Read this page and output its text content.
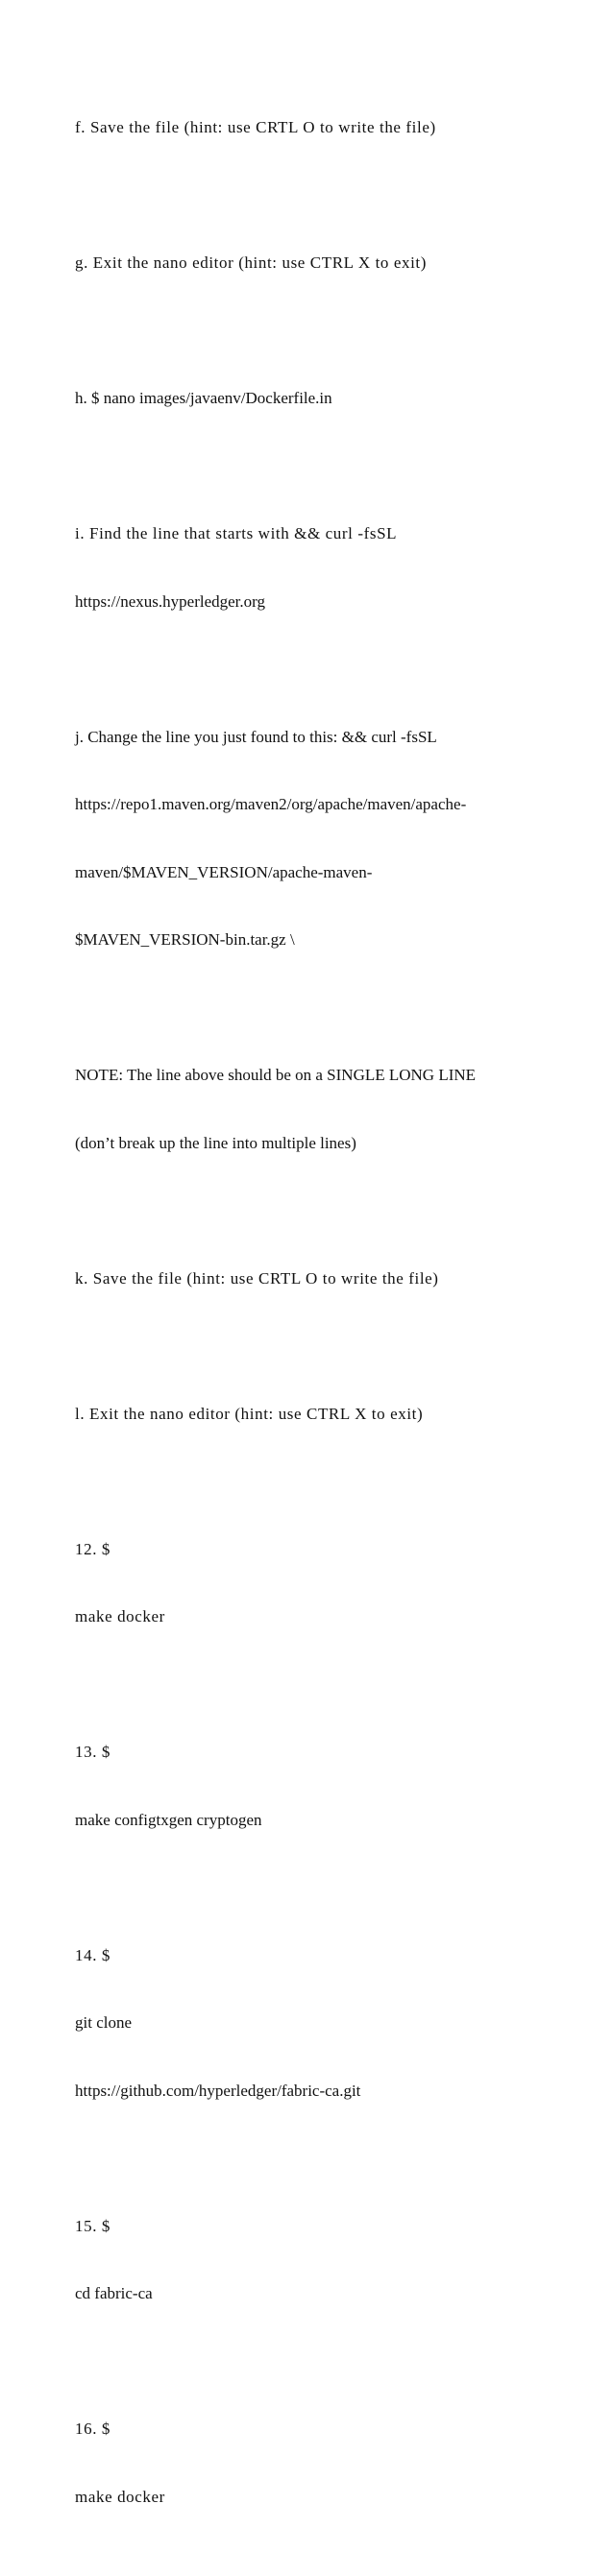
f. Save the file (hint: use CRTL O to write the file)

g. Exit the nano editor (hint: use CTRL X to exit)

h. $ nano images/javaenv/Dockerfile.in

i. Find the line that starts with && curl -fsSL

https://nexus.hyperledger.org

j. Change the line you just found to this: && curl -fsSL

https://repo1.maven.org/maven2/org/apache/maven/apache-

maven/$MAVEN_VERSION/apache-maven-

$MAVEN_VERSION-bin.tar.gz \

NOTE: The line above should be on a SINGLE LONG LINE

(don’t break up the line into multiple lines)

k. Save the file (hint: use CRTL O to write the file)

l. Exit the nano editor (hint: use CTRL X to exit)

12. $

make docker

13. $

make configtxgen cryptogen

14. $

git clone

https://github.com/hyperledger/fabric-ca.git

15. $

cd fabric-ca

16. $

make docker
